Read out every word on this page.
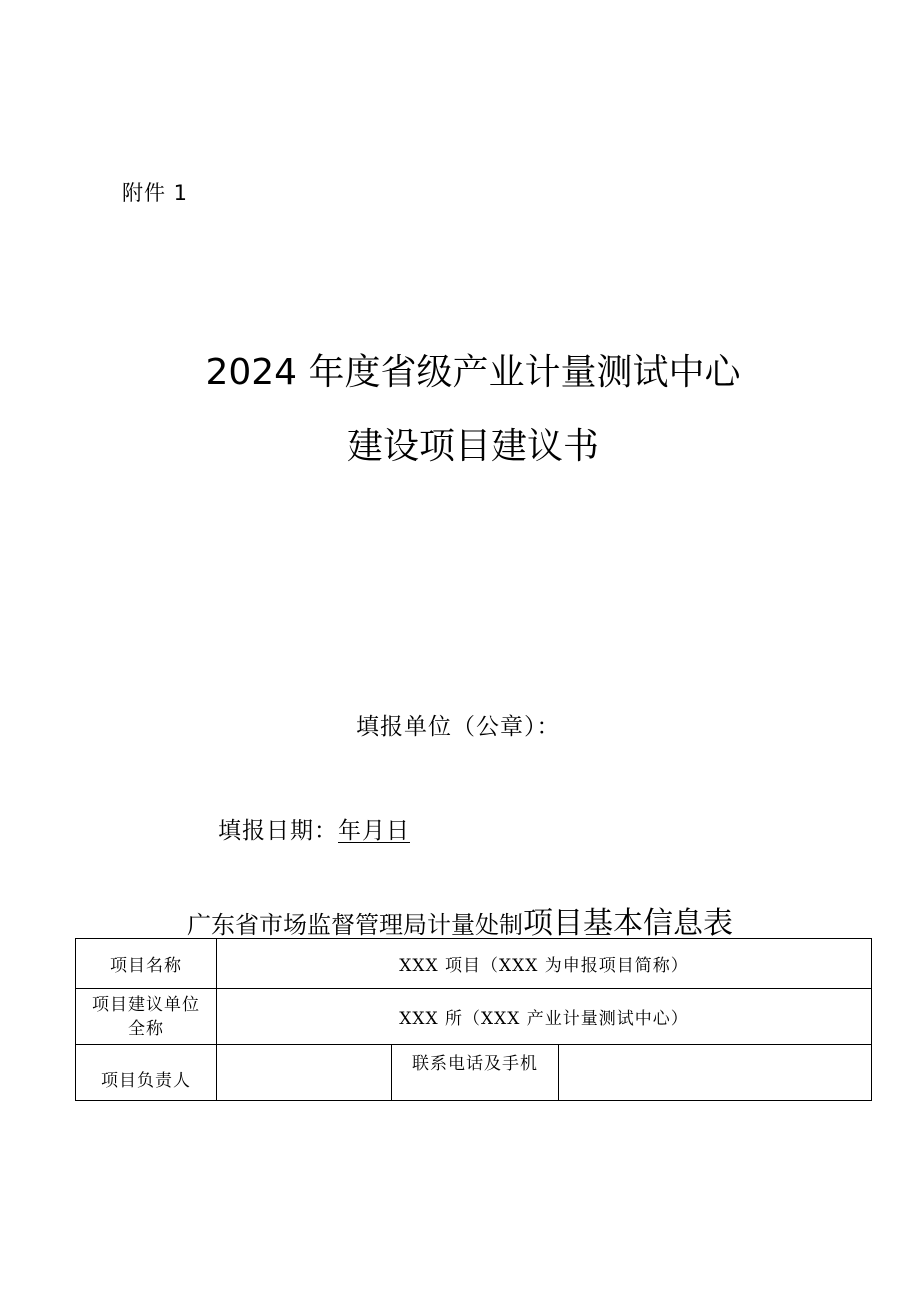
附件 1
2024 年度省级产业计量测试中心
建设项目建议书
填报单位（公章）：
填报日期：年月日
广东省市场监督管理局计量处制项目基本信息表
项目名称	XXX 项目（XXX 为申报项目简称）		
项目建议单位
全称	XXX 所（XXX 产业计量测试中心）		
项目负责人		联系电话及手机	
